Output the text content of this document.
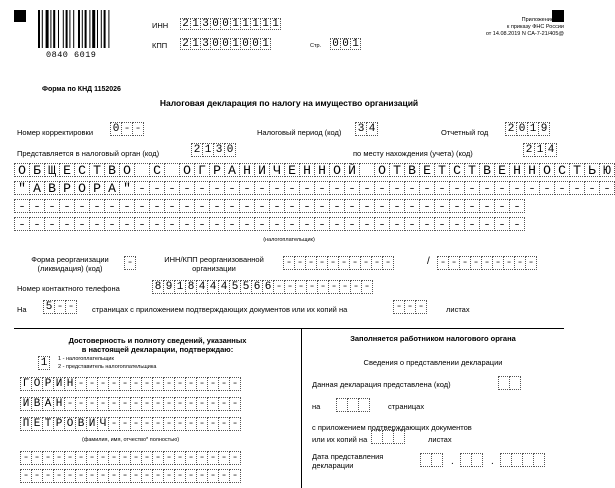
0840 6019
ИНН 2 1 3 0 0 1 1 1 1 1
КПП 2 1 3 0 0 1 0 0 1	Стр. 0 0 1
Приложение N 1
к приказу ФНС России
от 14.08.2019 N СА-7-21/405@
Форма по КНД 1152026
Налоговая декларация по налогу на имущество организаций
Номер корректировки 0 - -	Налоговый период (код) 3 4	Отчетный год 2 0 1 9
Представляется в налоговый орган (код)	2 1 3 0	по месту нахождения (учета) (код)	2 1 4
О Б Щ Е С Т В О	С	О Г Р А Н И Ч Е Н Н О Й	О Т В Е Т С Т В Е Н Н О С Т Ь Ю
" А В Р О Р А " - - - - - - - - - - - - - - - - - - - - - - - - - - - - - - - -
- - - - - - - - - - - - - - - - - - - - - - - - - - - - - - - - - -
- - - - - - - - - - - - - - - - - - - - - - - - - - - - - - - - - -
(налогоплательщик)
Форма реорганизации
(ликвидация) (код)	-	ИНН/КПП реорганизованной
организации	- - - - - - - - - -	/ - - - - - - - - -
Номер контактного телефона	8 9 1 8 4 4 4 5 5 6 6 - - - - - - - - -
На 5 - -	страницах с приложением подтверждающих документов или их копий на	- - -	листах
Достоверность и полноту сведений, указанных
в настоящей декларации, подтверждаю:
1	1 - налогоплательщик
2 - представитель налогоплательщика
Г О Р И Н - - - - - - - - - - - - - - -
И В А Н - - - - - - - - - - - - - - - -
П Е Т Р О В И Ч - - - - - - - - - - - -
(фамилия, имя, отчество* полностью)
- - - - - - - - - - - - - - - - - - - -
- - - - - - - - - - - - - - - - - - - -
Заполняется работником налогового органа
Сведения о представлении декларации
Данная декларация представлена (код)
на	страницах
с приложением подтверждающих документов
или их копий на	листах
Дата представления
декларации	.	.
